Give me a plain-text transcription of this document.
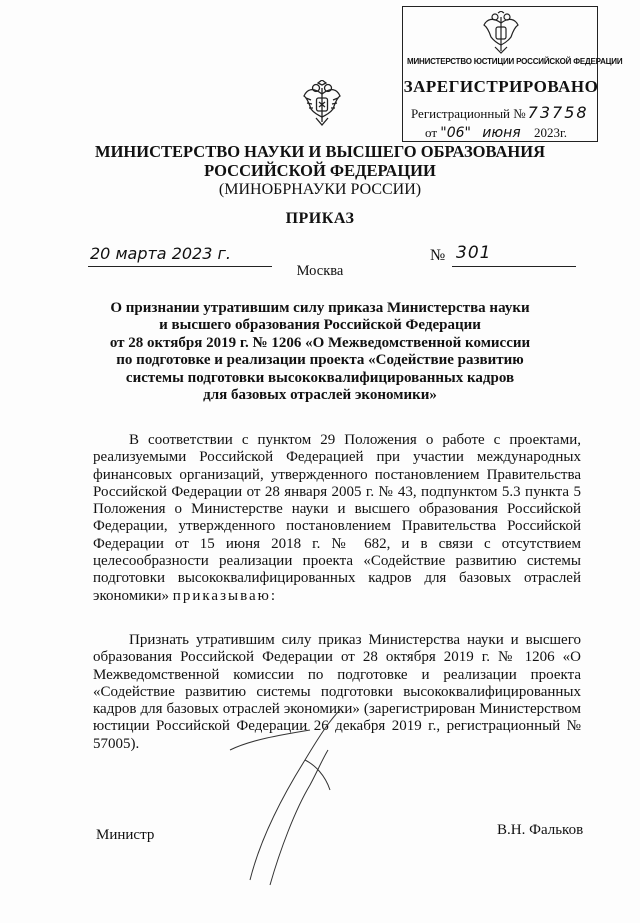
МИНИСТЕРСТВО ЮСТИЦИИ РОССИЙСКОЙ ФЕДЕРАЦИИ
ЗАРЕГИСТРИРОВАНО
Регистрационный № 73758
от "06" июня 2023г.
МИНИСТЕРСТВО НАУКИ И ВЫСШЕГО ОБРАЗОВАНИЯ
РОССИЙСКОЙ ФЕДЕРАЦИИ
(МИНОБРНАУКИ РОССИИ)
ПРИКАЗ
20 марта 2023 г.	№ 301
Москва
О признании утратившим силу приказа Министерства науки
и высшего образования Российской Федерации
от 28 октября 2019 г. № 1206 «О Межведомственной комиссии
по подготовке и реализации проекта «Содействие развитию
системы подготовки высококвалифицированных кадров
для базовых отраслей экономики»
В соответствии с пунктом 29 Положения о работе с проектами, реализуемыми Российской Федерацией при участии международных финансовых организаций, утвержденного постановлением Правительства Российской Федерации от 28 января 2005 г. № 43, подпунктом 5.3 пункта 5 Положения о Министерстве науки и высшего образования Российской Федерации, утвержденного постановлением Правительства Российской Федерации от 15 июня 2018 г. № 682, и в связи с отсутствием целесообразности реализации проекта «Содействие развитию системы подготовки высококвалифицированных кадров для базовых отраслей экономики» приказываю:
Признать утратившим силу приказ Министерства науки и высшего образования Российской Федерации от 28 октября 2019 г. № 1206 «О Межведомственной комиссии по подготовке и реализации проекта «Содействие развитию системы подготовки высококвалифицированных кадров для базовых отраслей экономики» (зарегистрирован Министерством юстиции Российской Федерации 26 декабря 2019 г., регистрационный № 57005).
Министр	В.Н. Фальков
